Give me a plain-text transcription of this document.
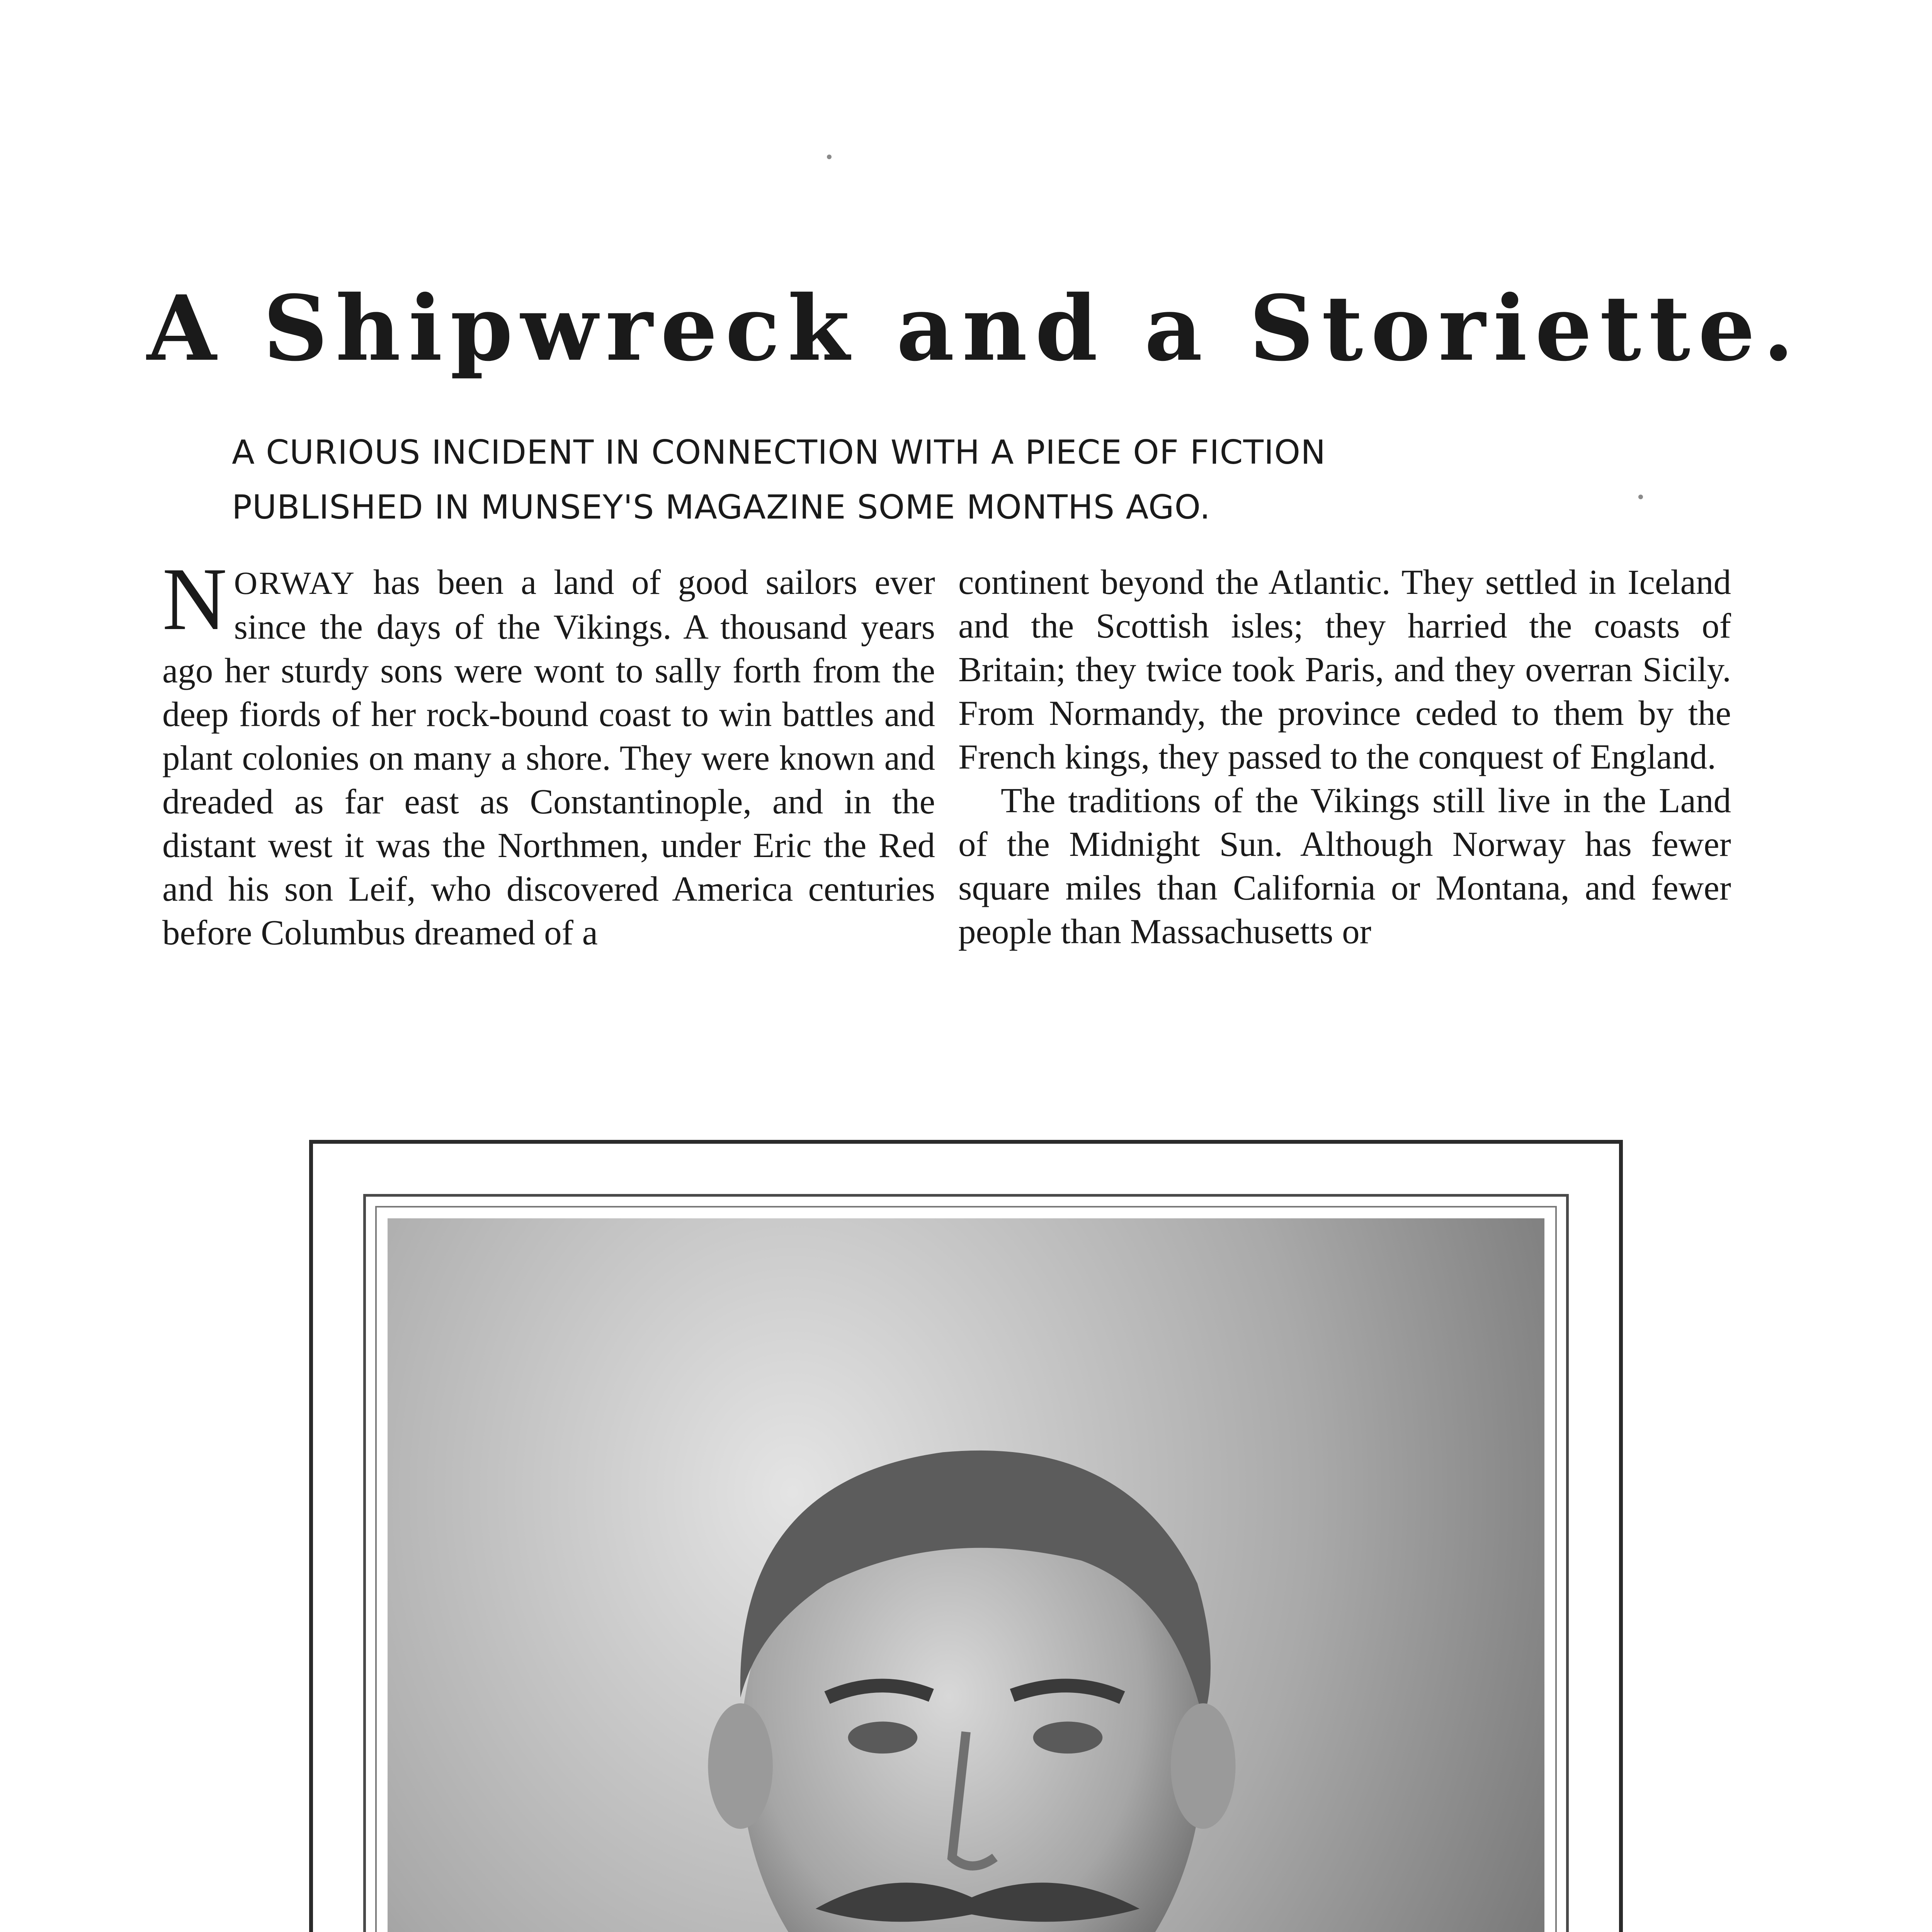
A Shipwreck and a Storiette.
A CURIOUS INCIDENT IN CONNECTION WITH A PIECE OF FICTION
PUBLISHED IN MUNSEY'S MAGAZINE SOME MONTHS AGO.

NORWAY has been a land of good sailors ever since the days of the Vikings. A thousand years ago her sturdy sons were wont to sally forth from the deep fiords of her rock-bound coast to win battles and plant colonies on many a shore. They were known and dreaded as far east as Constantinople, and in the distant west it was the Northmen, under Eric the Red and his son Leif, who discovered America centuries before Columbus dreamed of a

continent beyond the Atlantic. They settled in Iceland and the Scottish isles; they harried the coasts of Britain; they twice took Paris, and they overran Sicily. From Normandy, the province ceded to them by the French kings, they passed to the conquest of England.

The traditions of the Vikings still live in the Land of the Midnight Sun. Although Norway has fewer square miles than California or Montana, and fewer people than Massachusetts or
